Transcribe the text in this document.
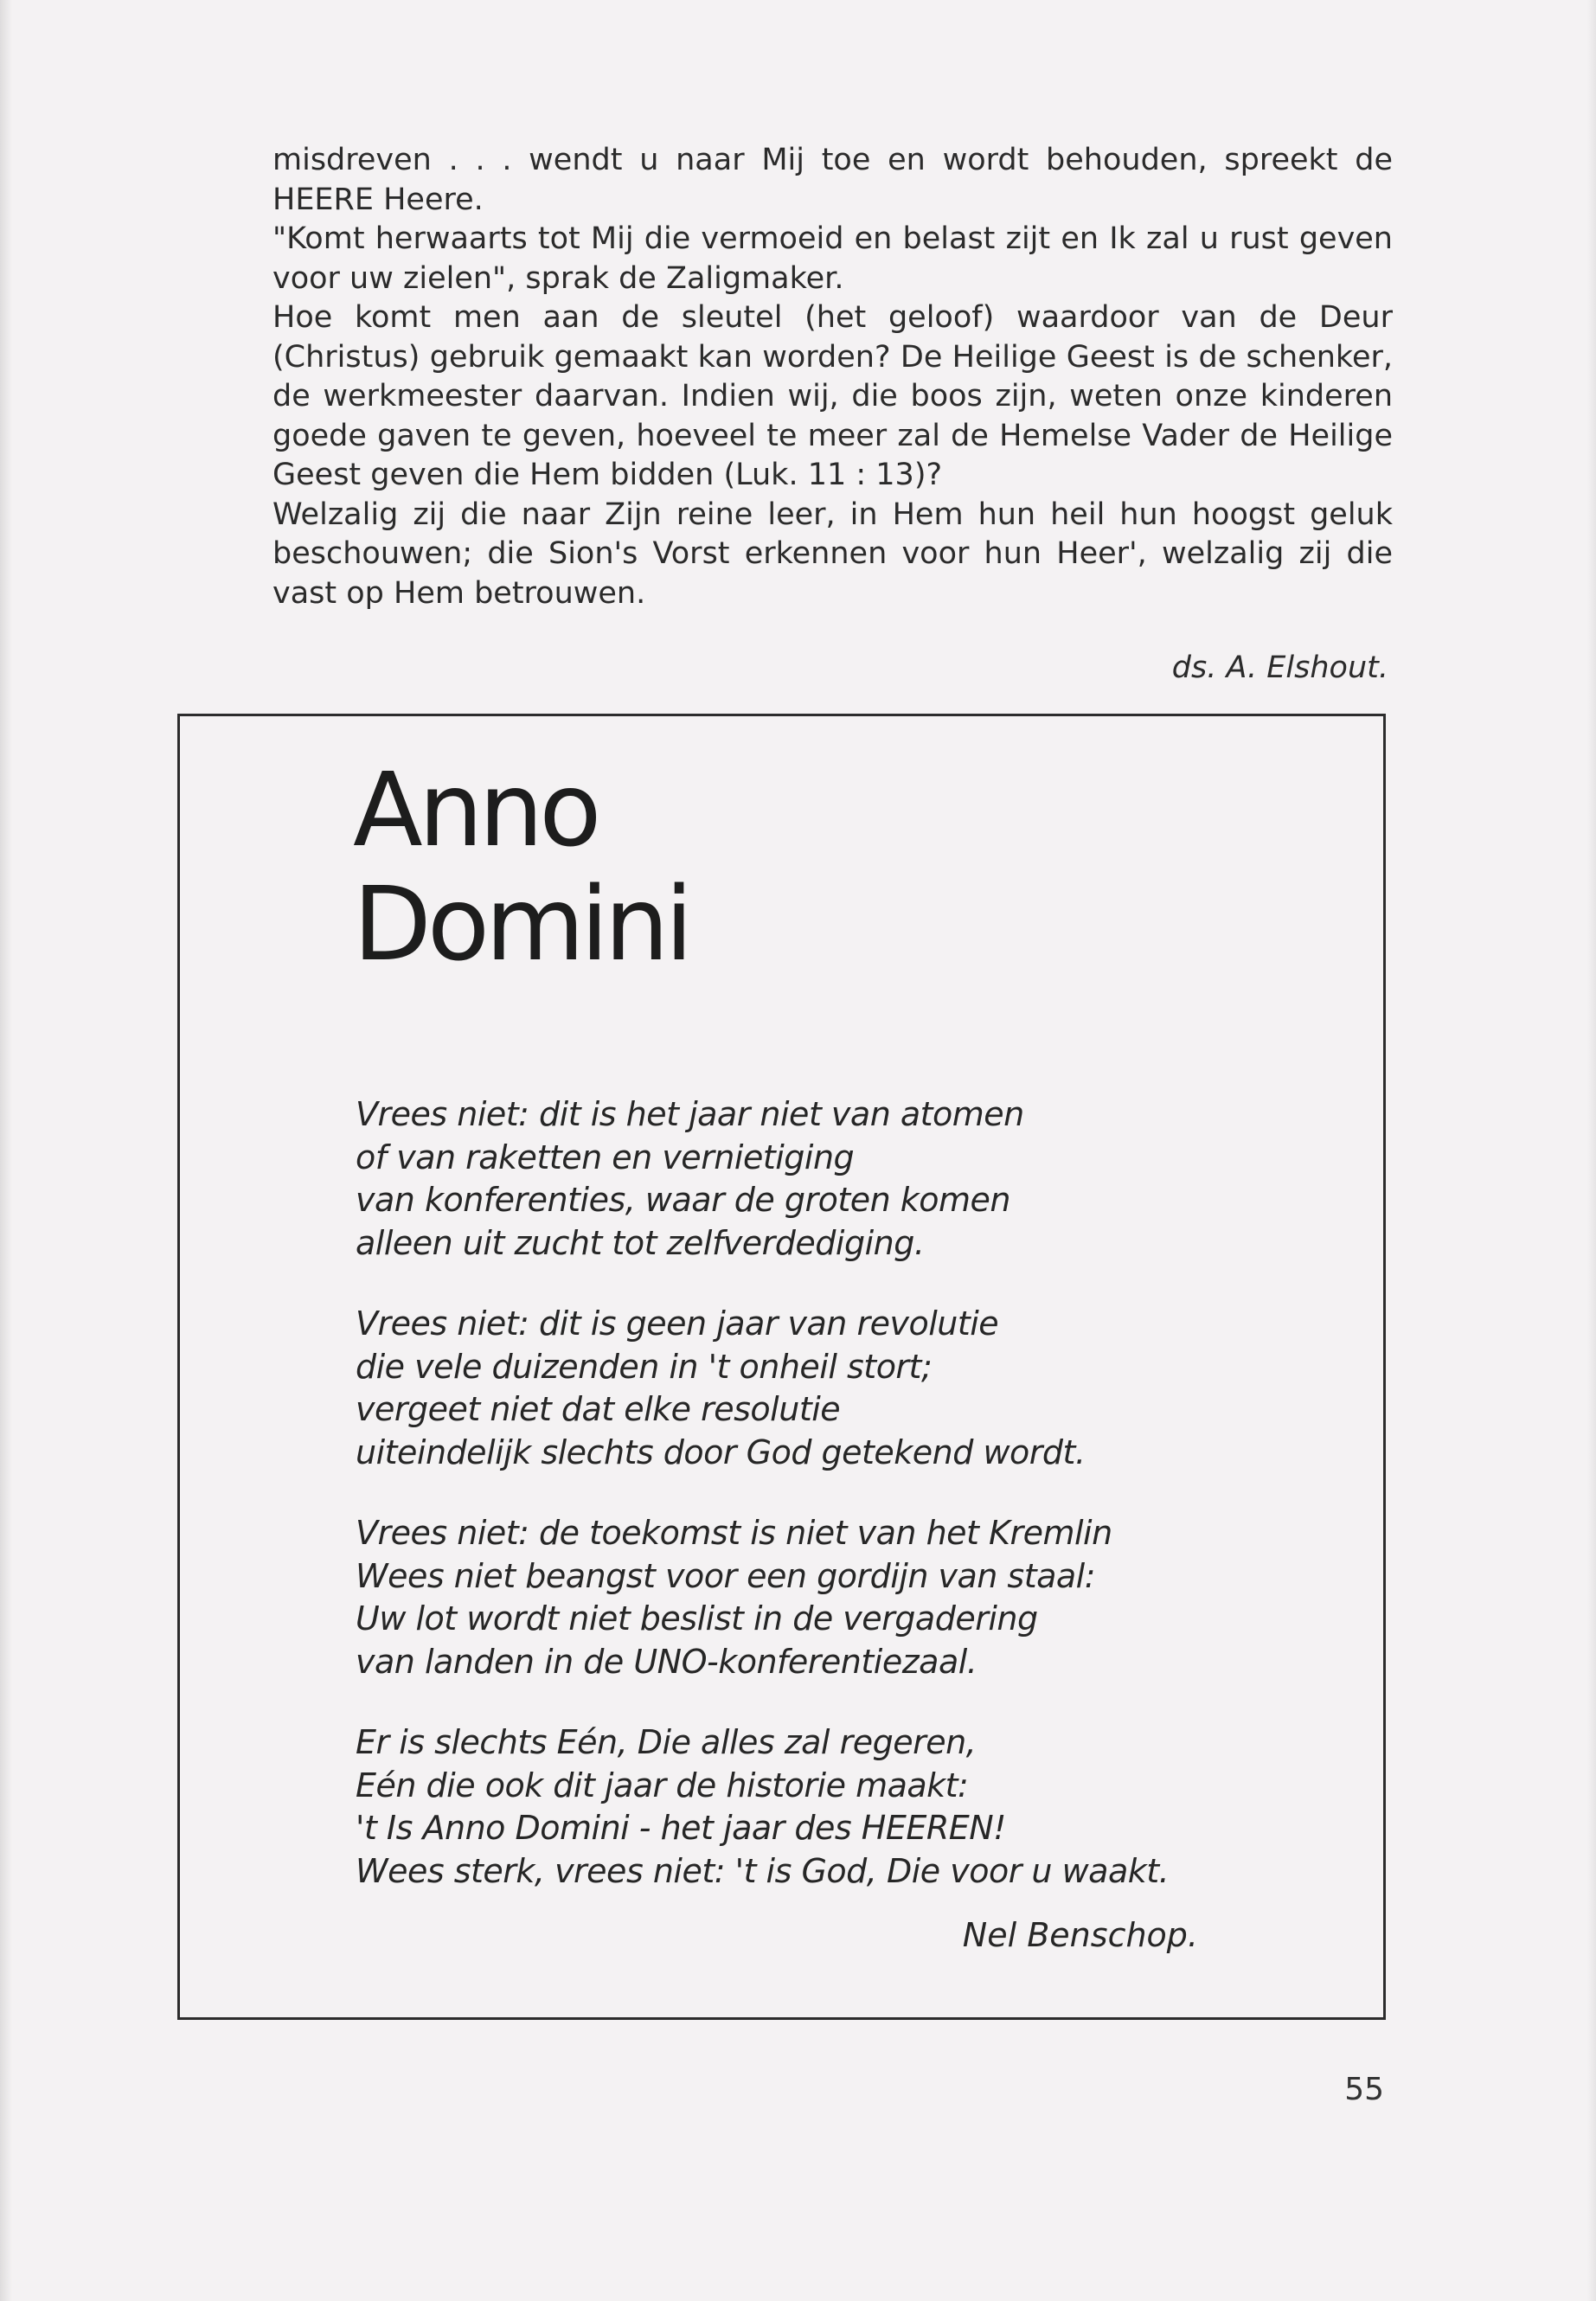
misdreven . . . wendt u naar Mij toe en wordt behouden, spreekt de HEERE Heere.

"Komt herwaarts tot Mij die vermoeid en belast zijt en Ik zal u rust geven voor uw zielen", sprak de Zaligmaker.

Hoe komt men aan de sleutel (het geloof) waardoor van de Deur (Christus) gebruik gemaakt kan worden? De Heilige Geest is de schenker, de werkmeester daarvan. Indien wij, die boos zijn, weten onze kinderen goede gaven te geven, hoeveel te meer zal de Hemelse Vader de Heilige Geest geven die Hem bidden (Luk. 11 : 13)?

Welzalig zij die naar Zijn reine leer, in Hem hun heil hun hoogst geluk beschouwen; die Sion's Vorst erkennen voor hun Heer', welzalig zij die vast op Hem betrouwen.

ds. A. Elshout.
Anno
Domini
Vrees niet: dit is het jaar niet van atomen
of van raketten en vernietiging
van konferenties, waar de groten komen
alleen uit zucht tot zelfverdediging.
Vrees niet: dit is geen jaar van revolutie
die vele duizenden in 't onheil stort;
vergeet niet dat elke resolutie
uiteindelijk slechts door God getekend wordt.
Vrees niet: de toekomst is niet van het Kremlin
Wees niet beangst voor een gordijn van staal:
Uw lot wordt niet beslist in de vergadering
van landen in de UNO-konferentiezaal.
Er is slechts Eén, Die alles zal regeren,
Eén die ook dit jaar de historie maakt:
't Is Anno Domini - het jaar des HEEREN!
Wees sterk, vrees niet: 't is God, Die voor u waakt.
Nel Benschop.
55
